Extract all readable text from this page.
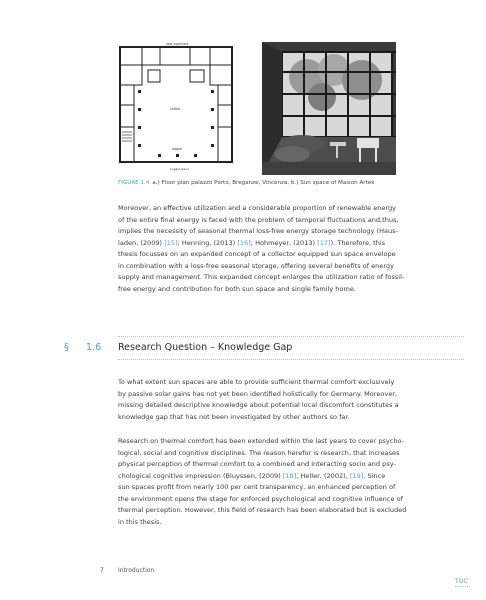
sala superiore
cortile
loggia
Loggia Ivana
FIGURE 1.4 a.) Floor plan palazzo Porto, Breganze, Vincenza, b.) Sun space of Maison Artek

Moreover, an effective utilization and a considerable proportion of renewable energy
of the entire final energy is faced with the problem of temporal fluctuations and,thus,
implies the necessity of seasonal thermal loss-free energy storage technology (Haus-
laden, (2009) [15]; Henning, (2013) [16]; Hohmeyer, (2013) [17]). Therefore, this
thesis focusses on an expanded concept of a collector equipped sun space envelope
in combination with a loss-free seasonal storage, offering several benefits of energy
supply and management. This expanded concept enlarges the utilization ratio of fossil-
free energy and contribution for both sun space and single family home.

§ 1.6 Research Question – Knowledge Gap

To what extent sun spaces are able to provide sufficient thermal comfort exclusively
by passive solar gains has not yet been identified holistically for Germany. Moreover,
missing detailed descriptive knowledge about potential local discomfort constitutes a
knowledge gap that has not been investigated by other authors so far.

Research on thermal comfort has been extended within the last years to cover psycho-
logical, social and cognitive disciplines. The reason herefor is research, that increases
physical perception of thermal comfort to a combined and interacting socio and psy-
chological cognitive impression (Bluyssen, (2009) [18], Heller, (2002), [19]. Since
sun spaces profit from nearly 100 per cent transparency, an enhanced perception of
the environment opens the stage for enforced psychological and cognitive influence of
thermal perception. However, this field of research has been elaborated but is excluded
in this thesis.

7 Introduction
TOC
